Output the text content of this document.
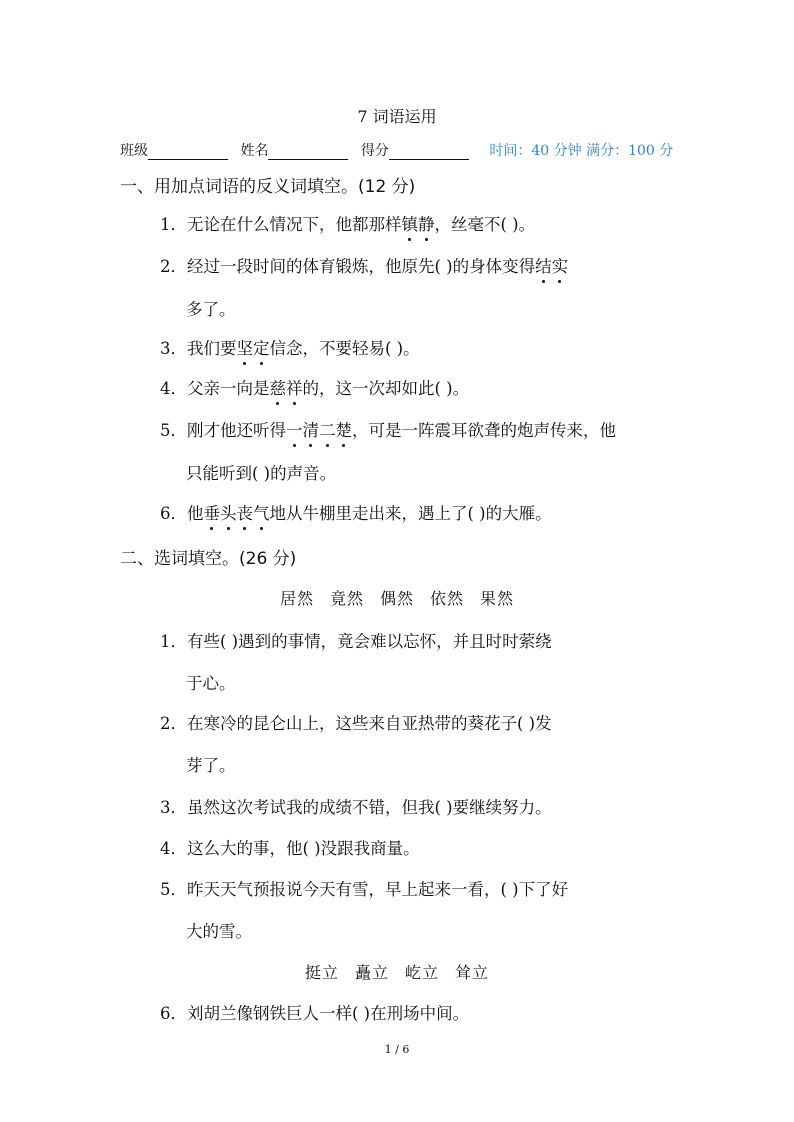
7 词语运用
班级	姓名	得分	时间：40 分钟 满分：100 分
一、用加点词语的反义词填空。(12 分)
1．无论在什么情况下，他都那样镇静，丝毫不( )。
2．经过一段时间的体育锻炼，他原先( )的身体变得结实
多了。
3．我们要坚定信念，不要轻易( )。
4．父亲一向是慈祥的，这一次却如此( )。
5．刚才他还听得一清二楚，可是一阵震耳欲聋的炮声传来，他
只能听到( )的声音。
6．他垂头丧气地从牛棚里走出来，遇上了( )的大雁。
二、选词填空。(26 分)
居然 竟然 偶然 依然 果然
1．有些( )遇到的事情，竟会难以忘怀，并且时时萦绕
于心。
2．在寒冷的昆仑山上，这些来自亚热带的葵花子( )发
芽了。
3．虽然这次考试我的成绩不错，但我( )要继续努力。
4．这么大的事，他( )没跟我商量。
5．昨天天气预报说今天有雪，早上起来一看，( )下了好
大的雪。
挺立 矗立 屹立 耸立
6．刘胡兰像钢铁巨人一样( )在刑场中间。
1 / 6
